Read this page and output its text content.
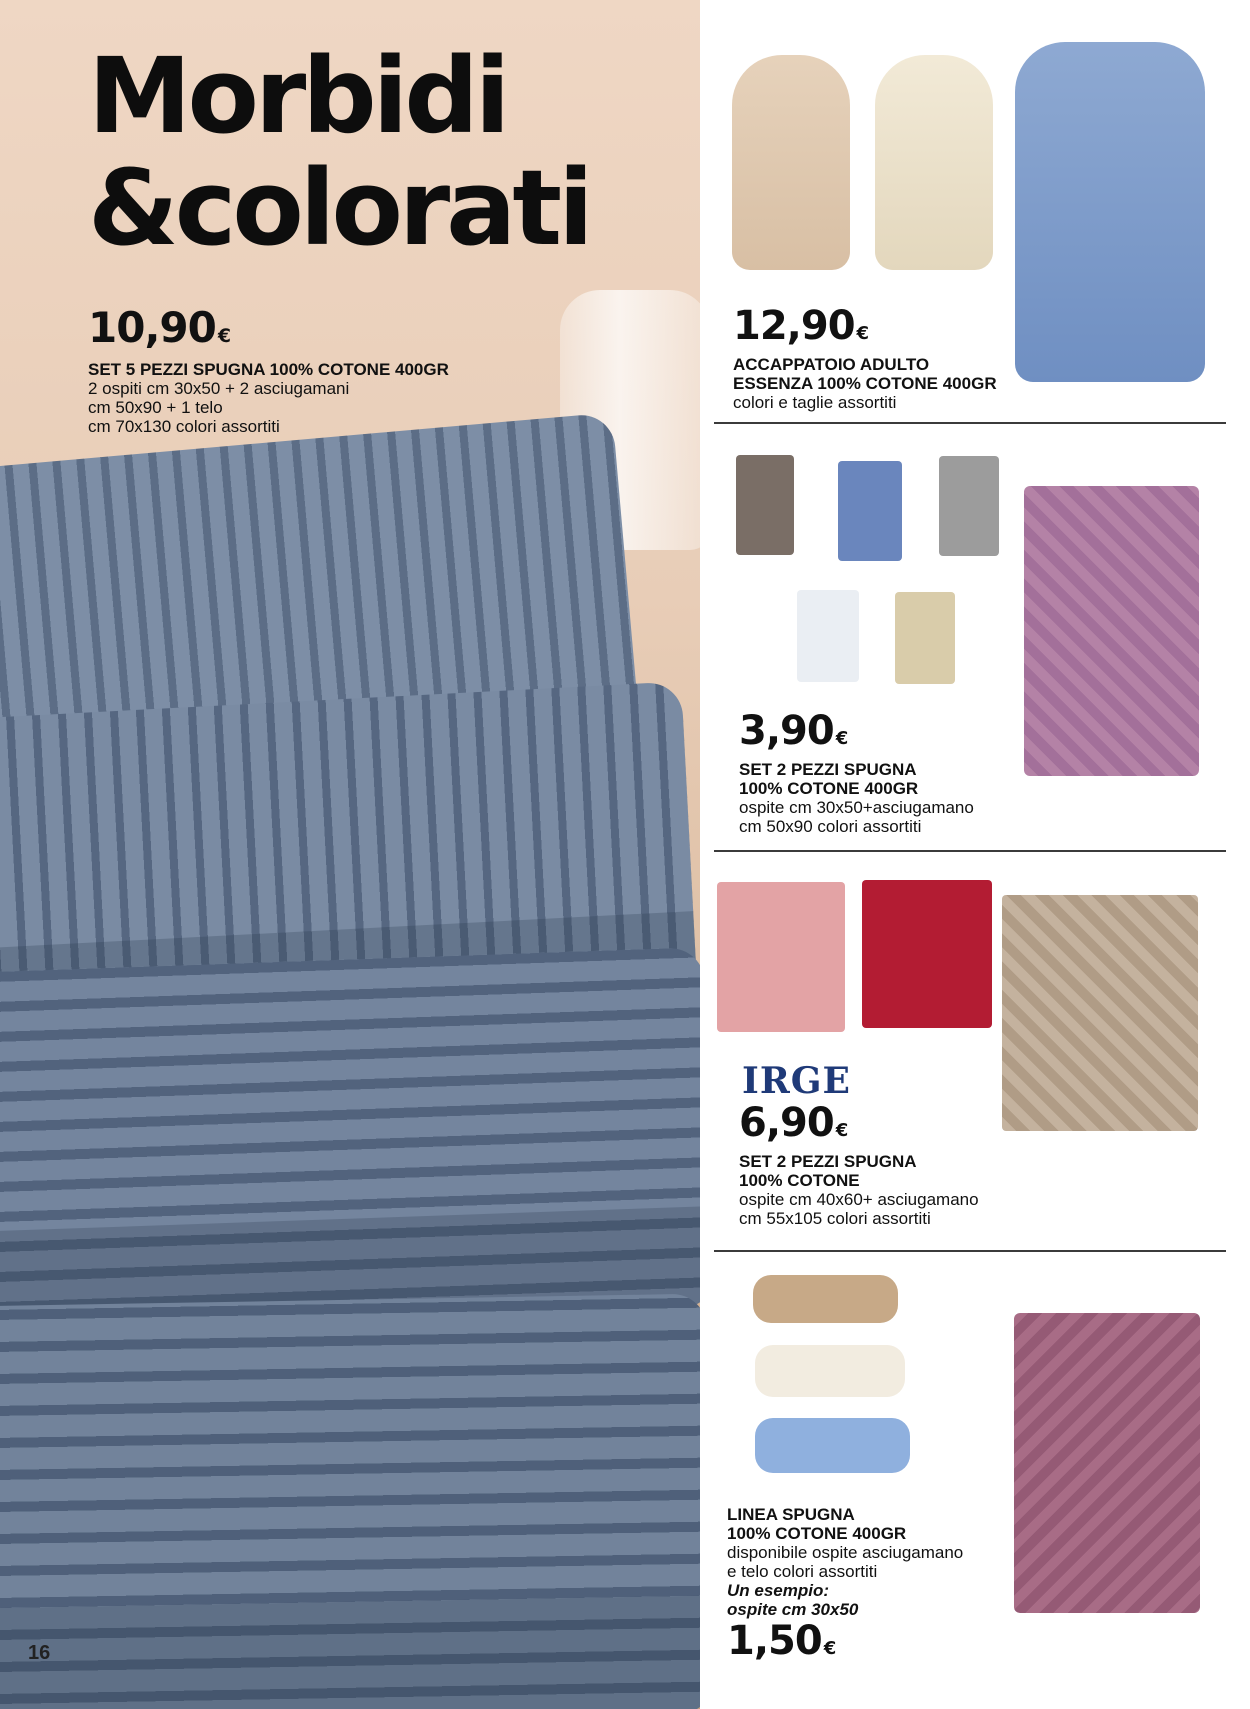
Morbidi
&colorati
10,90 €
SET 5 PEZZI SPUGNA 100% COTONE 400GR
2 ospiti cm 30x50 + 2 asciugamani
cm 50x90 + 1 telo
cm 70x130 colori assortiti
16
12,90 €
ACCAPPATOIO ADULTO
ESSENZA 100% COTONE 400GR
colori e taglie assortiti
3,90 €
SET 2 PEZZI SPUGNA
100% COTONE 400GR
ospite cm 30x50+asciugamano
cm 50x90 colori assortiti
IRGE
6,90 €
SET 2 PEZZI SPUGNA
100% COTONE
ospite cm 40x60+ asciugamano
cm 55x105 colori assortiti
LINEA SPUGNA
100% COTONE 400GR
disponibile ospite asciugamano
e telo colori assortiti
Un esempio:
ospite cm 30x50
1,50 €
